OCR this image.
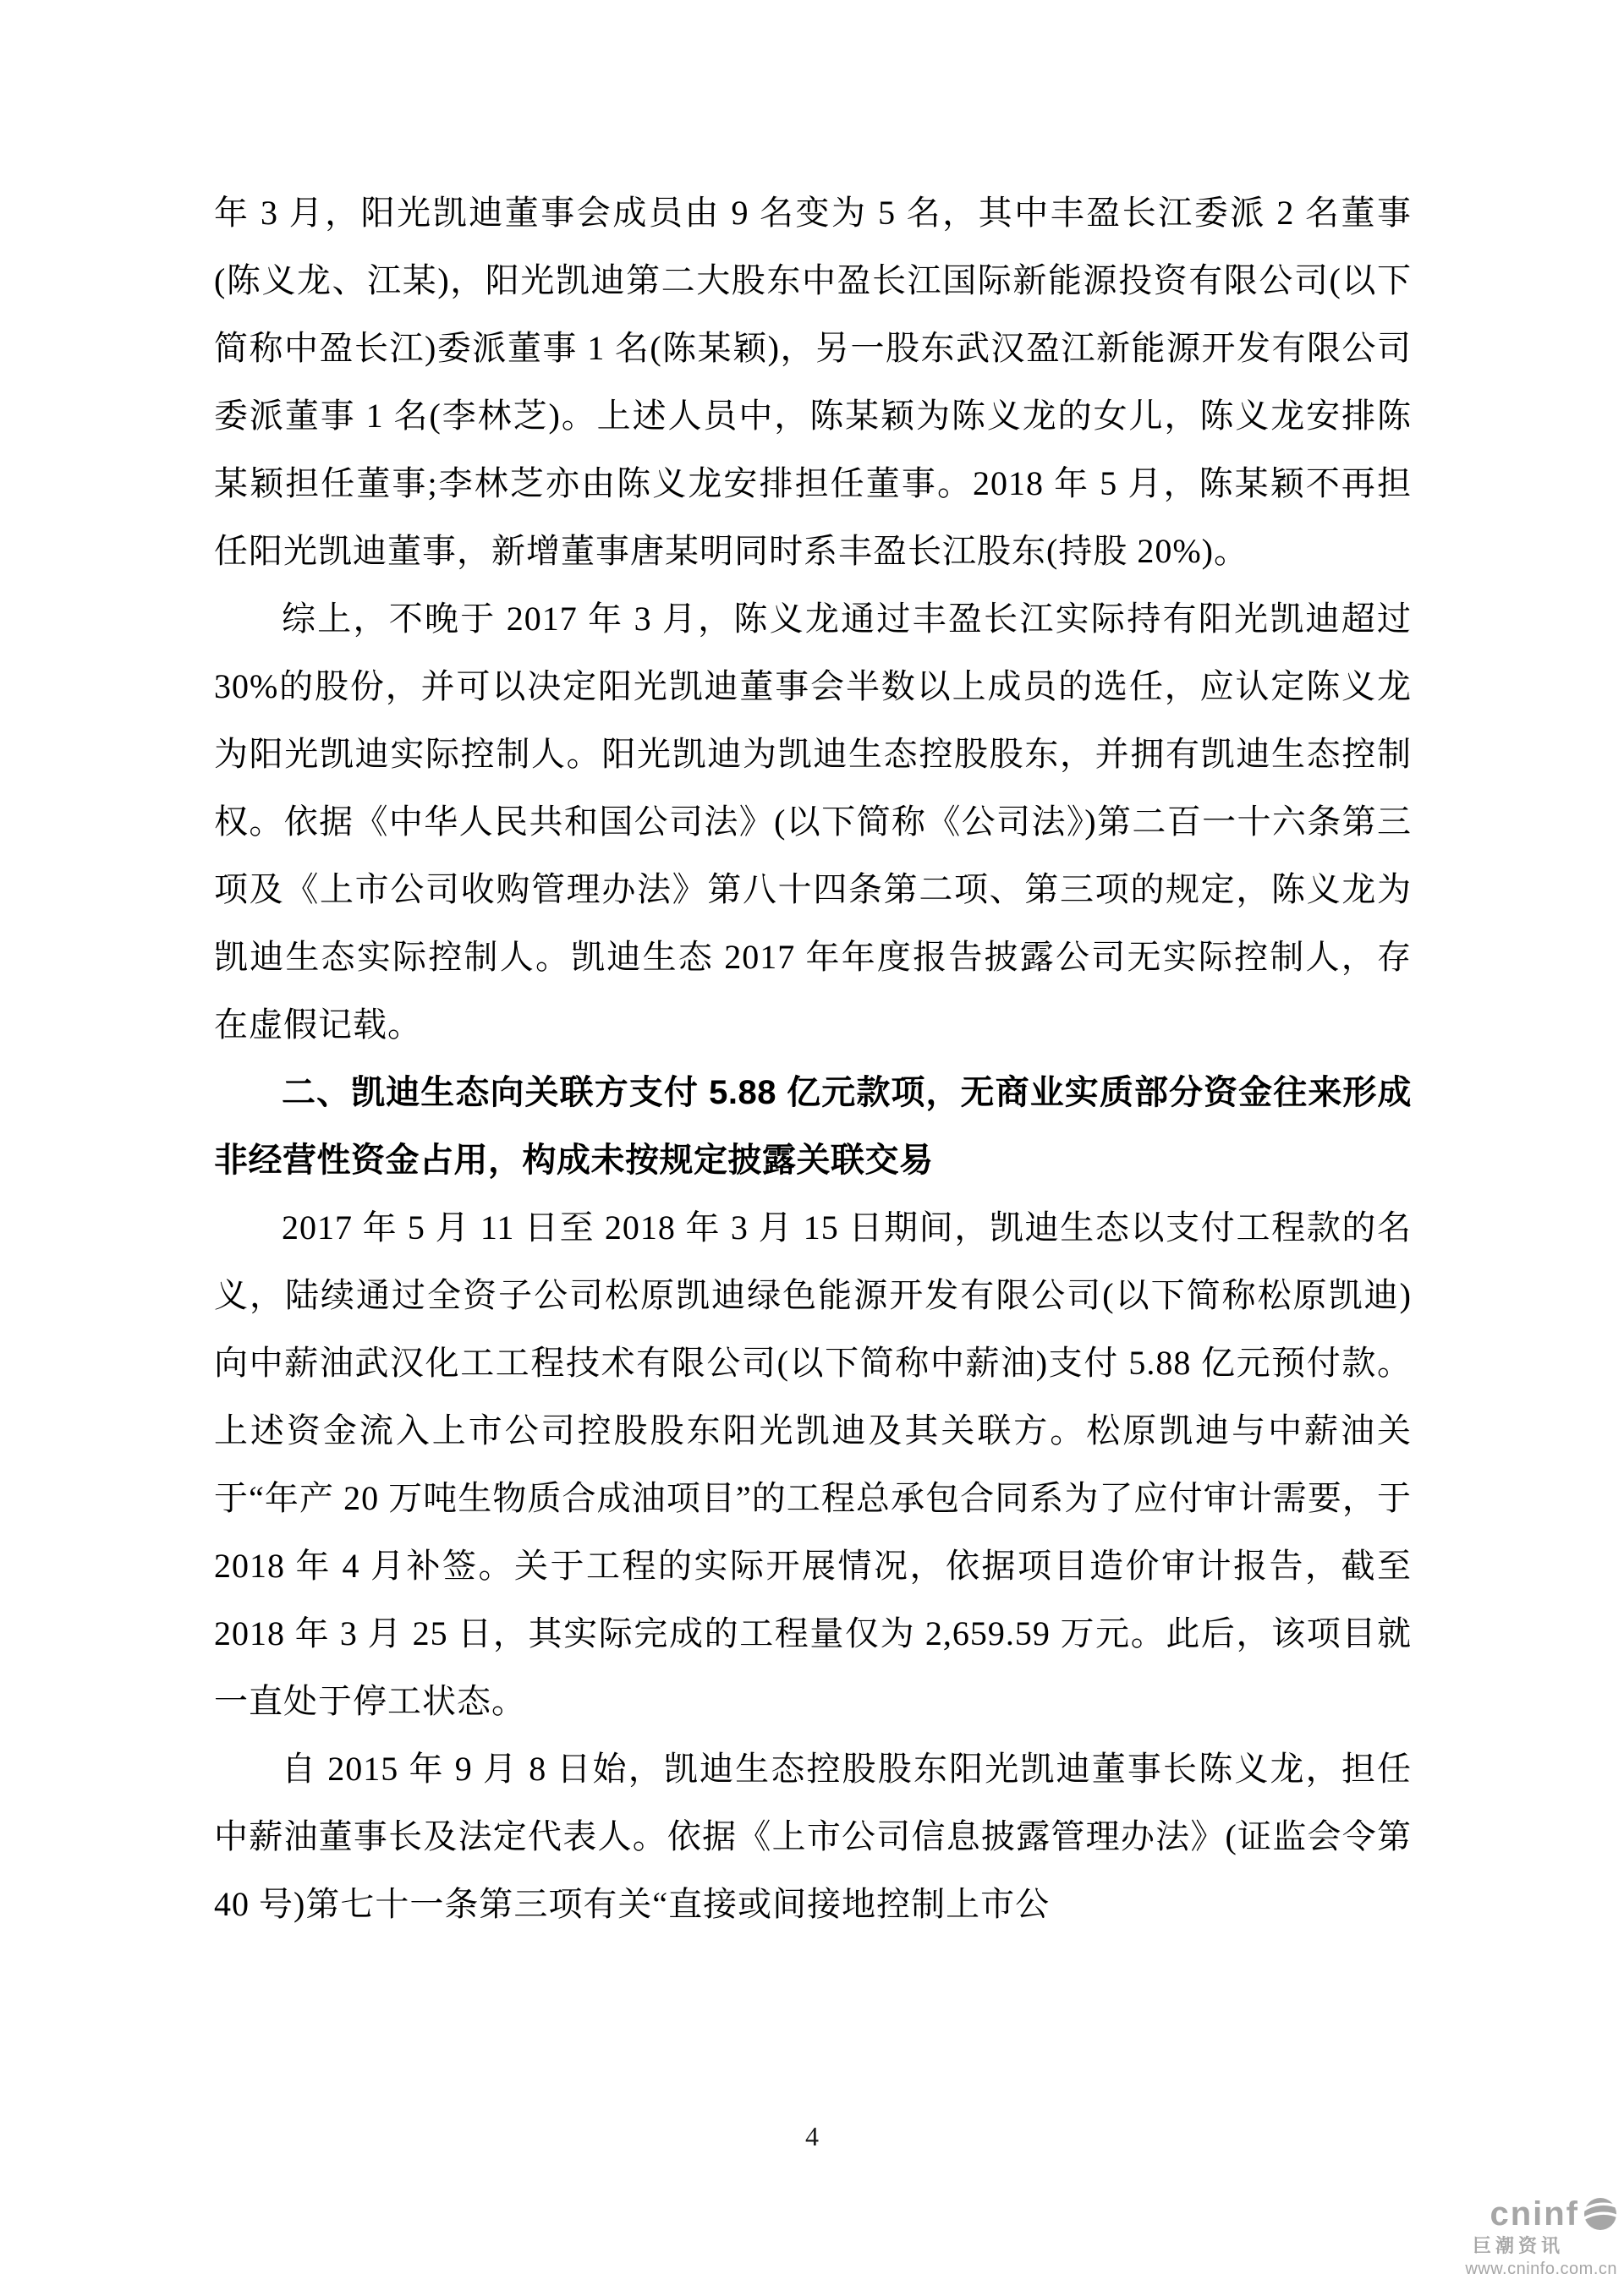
年 3 月，阳光凯迪董事会成员由 9 名变为 5 名，其中丰盈长江委派 2 名董事(陈义龙、江某)，阳光凯迪第二大股东中盈长江国际新能源投资有限公司(以下简称中盈长江)委派董事 1 名(陈某颖)，另一股东武汉盈江新能源开发有限公司委派董事 1 名(李林芝)。上述人员中，陈某颖为陈义龙的女儿，陈义龙安排陈某颖担任董事;李林芝亦由陈义龙安排担任董事。2018 年 5 月，陈某颖不再担任阳光凯迪董事，新增董事唐某明同时系丰盈长江股东(持股 20%)。

综上，不晚于 2017 年 3 月，陈义龙通过丰盈长江实际持有阳光凯迪超过 30%的股份，并可以决定阳光凯迪董事会半数以上成员的选任，应认定陈义龙为阳光凯迪实际控制人。阳光凯迪为凯迪生态控股股东，并拥有凯迪生态控制权。依据《中华人民共和国公司法》(以下简称《公司法》)第二百一十六条第三项及《上市公司收购管理办法》第八十四条第二项、第三项的规定，陈义龙为凯迪生态实际控制人。凯迪生态 2017 年年度报告披露公司无实际控制人，存在虚假记载。

二、凯迪生态向关联方支付 5.88 亿元款项，无商业实质部分资金往来形成非经营性资金占用，构成未按规定披露关联交易

2017 年 5 月 11 日至 2018 年 3 月 15 日期间，凯迪生态以支付工程款的名义，陆续通过全资子公司松原凯迪绿色能源开发有限公司(以下简称松原凯迪)向中薪油武汉化工工程技术有限公司(以下简称中薪油)支付 5.88 亿元预付款。上述资金流入上市公司控股股东阳光凯迪及其关联方。松原凯迪与中薪油关于“年产 20 万吨生物质合成油项目”的工程总承包合同系为了应付审计需要，于 2018 年 4 月补签。关于工程的实际开展情况，依据项目造价审计报告，截至 2018 年 3 月 25 日，其实际完成的工程量仅为 2,659.59 万元。此后，该项目就一直处于停工状态。

自 2015 年 9 月 8 日始，凯迪生态控股股东阳光凯迪董事长陈义龙，担任中薪油董事长及法定代表人。依据《上市公司信息披露管理办法》(证监会令第 40 号)第七十一条第三项有关“直接或间接地控制上市公

4
cninf
巨潮资讯
www.cninfo.com.cn
